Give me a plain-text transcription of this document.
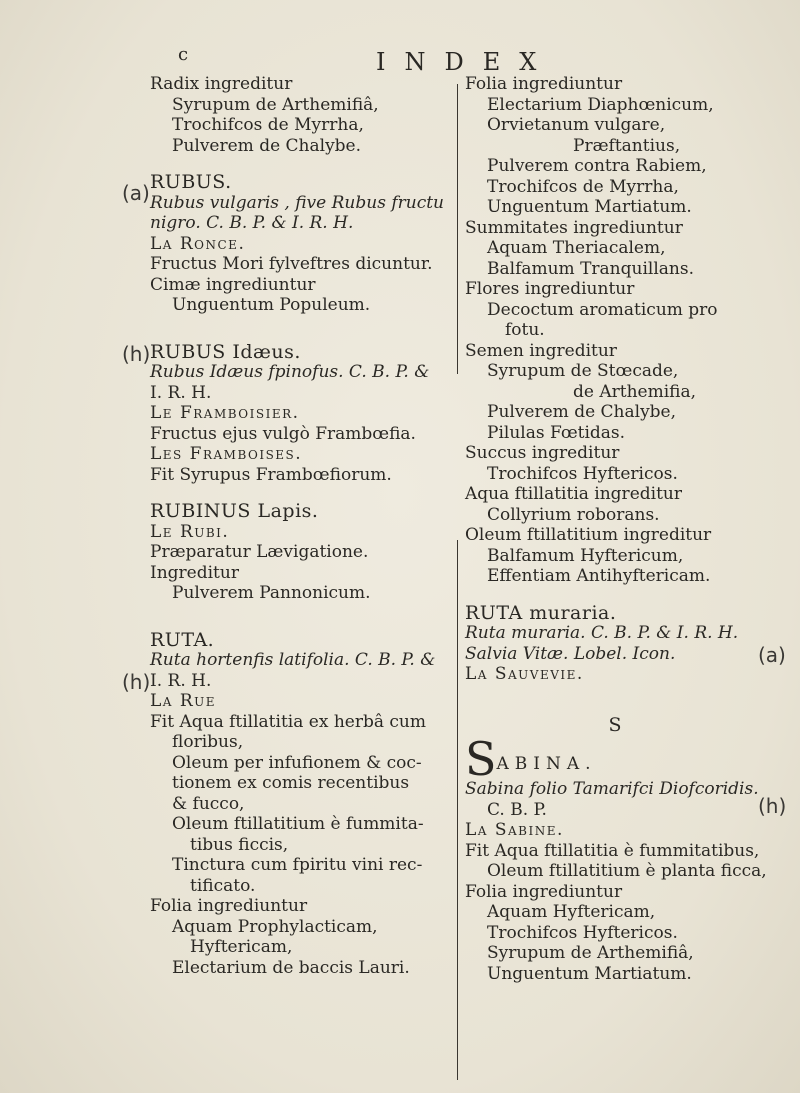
c	INDEX
(a)
(h)
(h)
(a)
(h)
Radix ingreditur
Syrupum de Arthemifiâ,
Trochifcos de Myrrha,
Pulverem de Chalybe.
RUBUS.
Rubus vulgaris , five Rubus fructu
nigro. C. B. P. & I. R. H.
La Ronce.
Fructus Mori fylveftres dicuntur.
Cimæ ingrediuntur
Unguentum Populeum.
RUBUS Idæus.
Rubus Idæus fpinofus. C. B. P. &
I. R. H.
Le Framboisier.
Fructus ejus vulgò Frambœfia.
Les Framboises.
Fit Syrupus Frambœfiorum.
RUBINUS Lapis.
Le Rubi.
Præparatur Lævigatione.
Ingreditur
Pulverem Pannonicum.
RUTA.
Ruta hortenfis latifolia. C. B. P. &
I. R. H.
La Rue
Fit Aqua ftillatitia ex herbâ cum
floribus,
Oleum per infufionem & coc-
tionem ex comis recentibus
& fucco,
Oleum ftillatitium è fummita-
tibus ficcis,
Tinctura cum fpiritu vini rec-
tificato.
Folia ingrediuntur
Aquam Prophylacticam,
Hyftericam,
Electarium de baccis Lauri.
Folia ingrediuntur
Electarium Diaphœnicum,
Orvietanum vulgare,
Præftantius,
Pulverem contra Rabiem,
Trochifcos de Myrrha,
Unguentum Martiatum.
Summitates ingrediuntur
Aquam Theriacalem,
Balfamum Tranquillans.
Flores ingrediuntur
Decoctum aromaticum pro
fotu.
Semen ingreditur
Syrupum de Stœcade,
de Arthemifia,
Pulverem de Chalybe,
Pilulas Fœtidas.
Succus ingreditur
Trochifcos Hyftericos.
Aqua ftillatitia ingreditur
Collyrium roborans.
Oleum ftillatitium ingreditur
Balfamum Hyftericum,
Effentiam Antihyftericam.
RUTA muraria.
Ruta muraria. C. B. P. & I. R. H.
Salvia Vitæ. Lobel. Icon.
La Sauvevie.
S
SABINA.
Sabina folio Tamarifci Diofcoridis.
C. B. P.
La Sabine.
Fit Aqua ftillatitia è fummitatibus,
Oleum ftillatitium è planta ficca,
Folia ingrediuntur
Aquam Hyftericam,
Trochifcos Hyftericos.
Syrupum de Arthemifiâ,
Unguentum Martiatum.
